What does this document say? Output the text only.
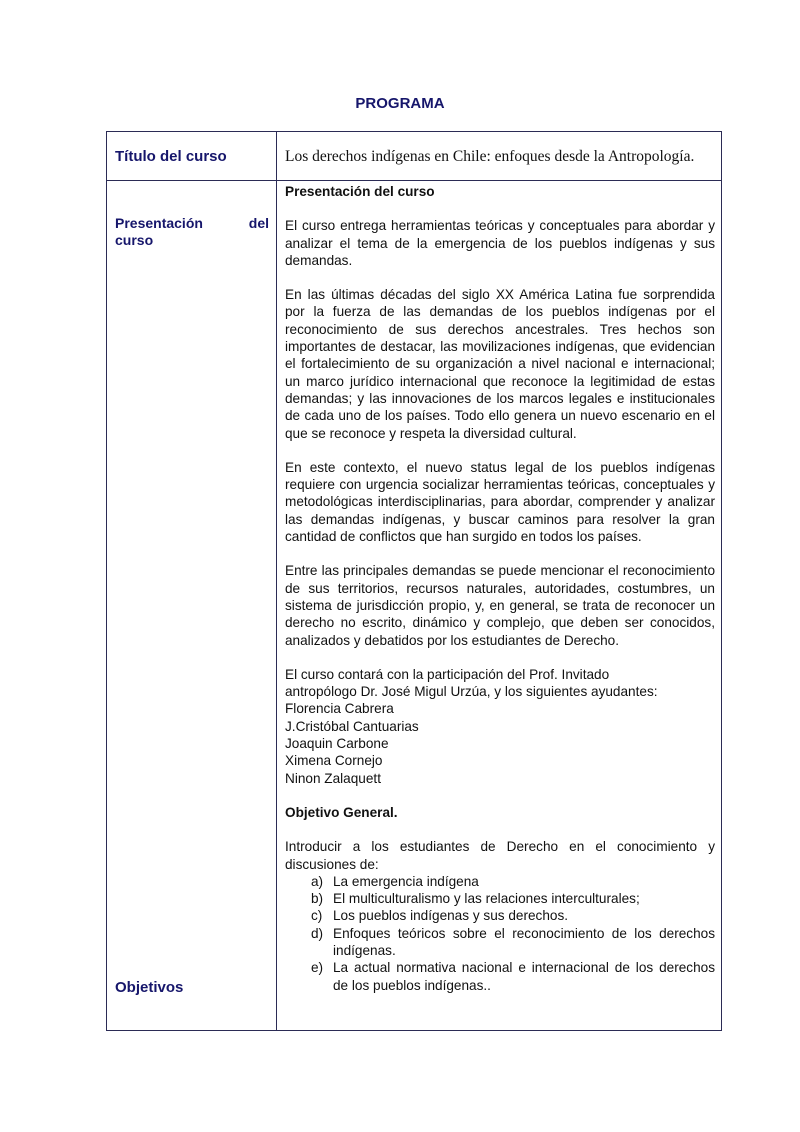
PROGRAMA
Título del curso	Los derechos indígenas en Chile: enfoques desde la Antropología.
Presentación	del
curso
Objetivos
Presentación del curso

El curso entrega herramientas teóricas y conceptuales para abordar y analizar el tema de la emergencia de los pueblos indígenas y sus demandas.

En las últimas décadas del siglo XX América Latina fue sorprendida por la fuerza de las demandas de los pueblos indígenas por el reconocimiento de sus derechos ancestrales. Tres hechos son importantes de destacar, las movilizaciones indígenas, que evidencian el fortalecimiento de su organización a nivel nacional e internacional; un marco jurídico internacional que reconoce la legitimidad de estas demandas; y las innovaciones de los marcos legales e institucionales de cada uno de los países. Todo ello genera un nuevo escenario en el que se reconoce y respeta la diversidad cultural.

En este contexto, el nuevo status legal de los pueblos indígenas requiere con urgencia socializar herramientas teóricas, conceptuales y metodológicas interdisciplinarias, para abordar, comprender y analizar las demandas indígenas, y buscar caminos para resolver la gran cantidad de conflictos que han surgido en todos los países.

Entre las principales demandas se puede mencionar el reconocimiento de sus territorios, recursos naturales, autoridades, costumbres, un sistema de jurisdicción propio, y, en general, se trata de reconocer un derecho no escrito, dinámico y complejo, que deben ser conocidos, analizados y debatidos por los estudiantes de Derecho.

El curso contará con la participación del Prof. Invitado
antropólogo Dr. José Migul Urzúa, y los siguientes ayudantes:
Florencia Cabrera
J.Cristóbal Cantuarias
Joaquin Carbone
Ximena Cornejo
Ninon Zalaquett
Objetivo General.

Introducir a los estudiantes de Derecho en el conocimiento y discusiones de:

a) La emergencia indígena
b) El multiculturalismo y las relaciones interculturales;
c) Los pueblos indígenas y sus derechos.
d) Enfoques teóricos sobre el reconocimiento de los derechos indígenas.
e) La actual normativa nacional e internacional de los derechos de los pueblos indígenas..
